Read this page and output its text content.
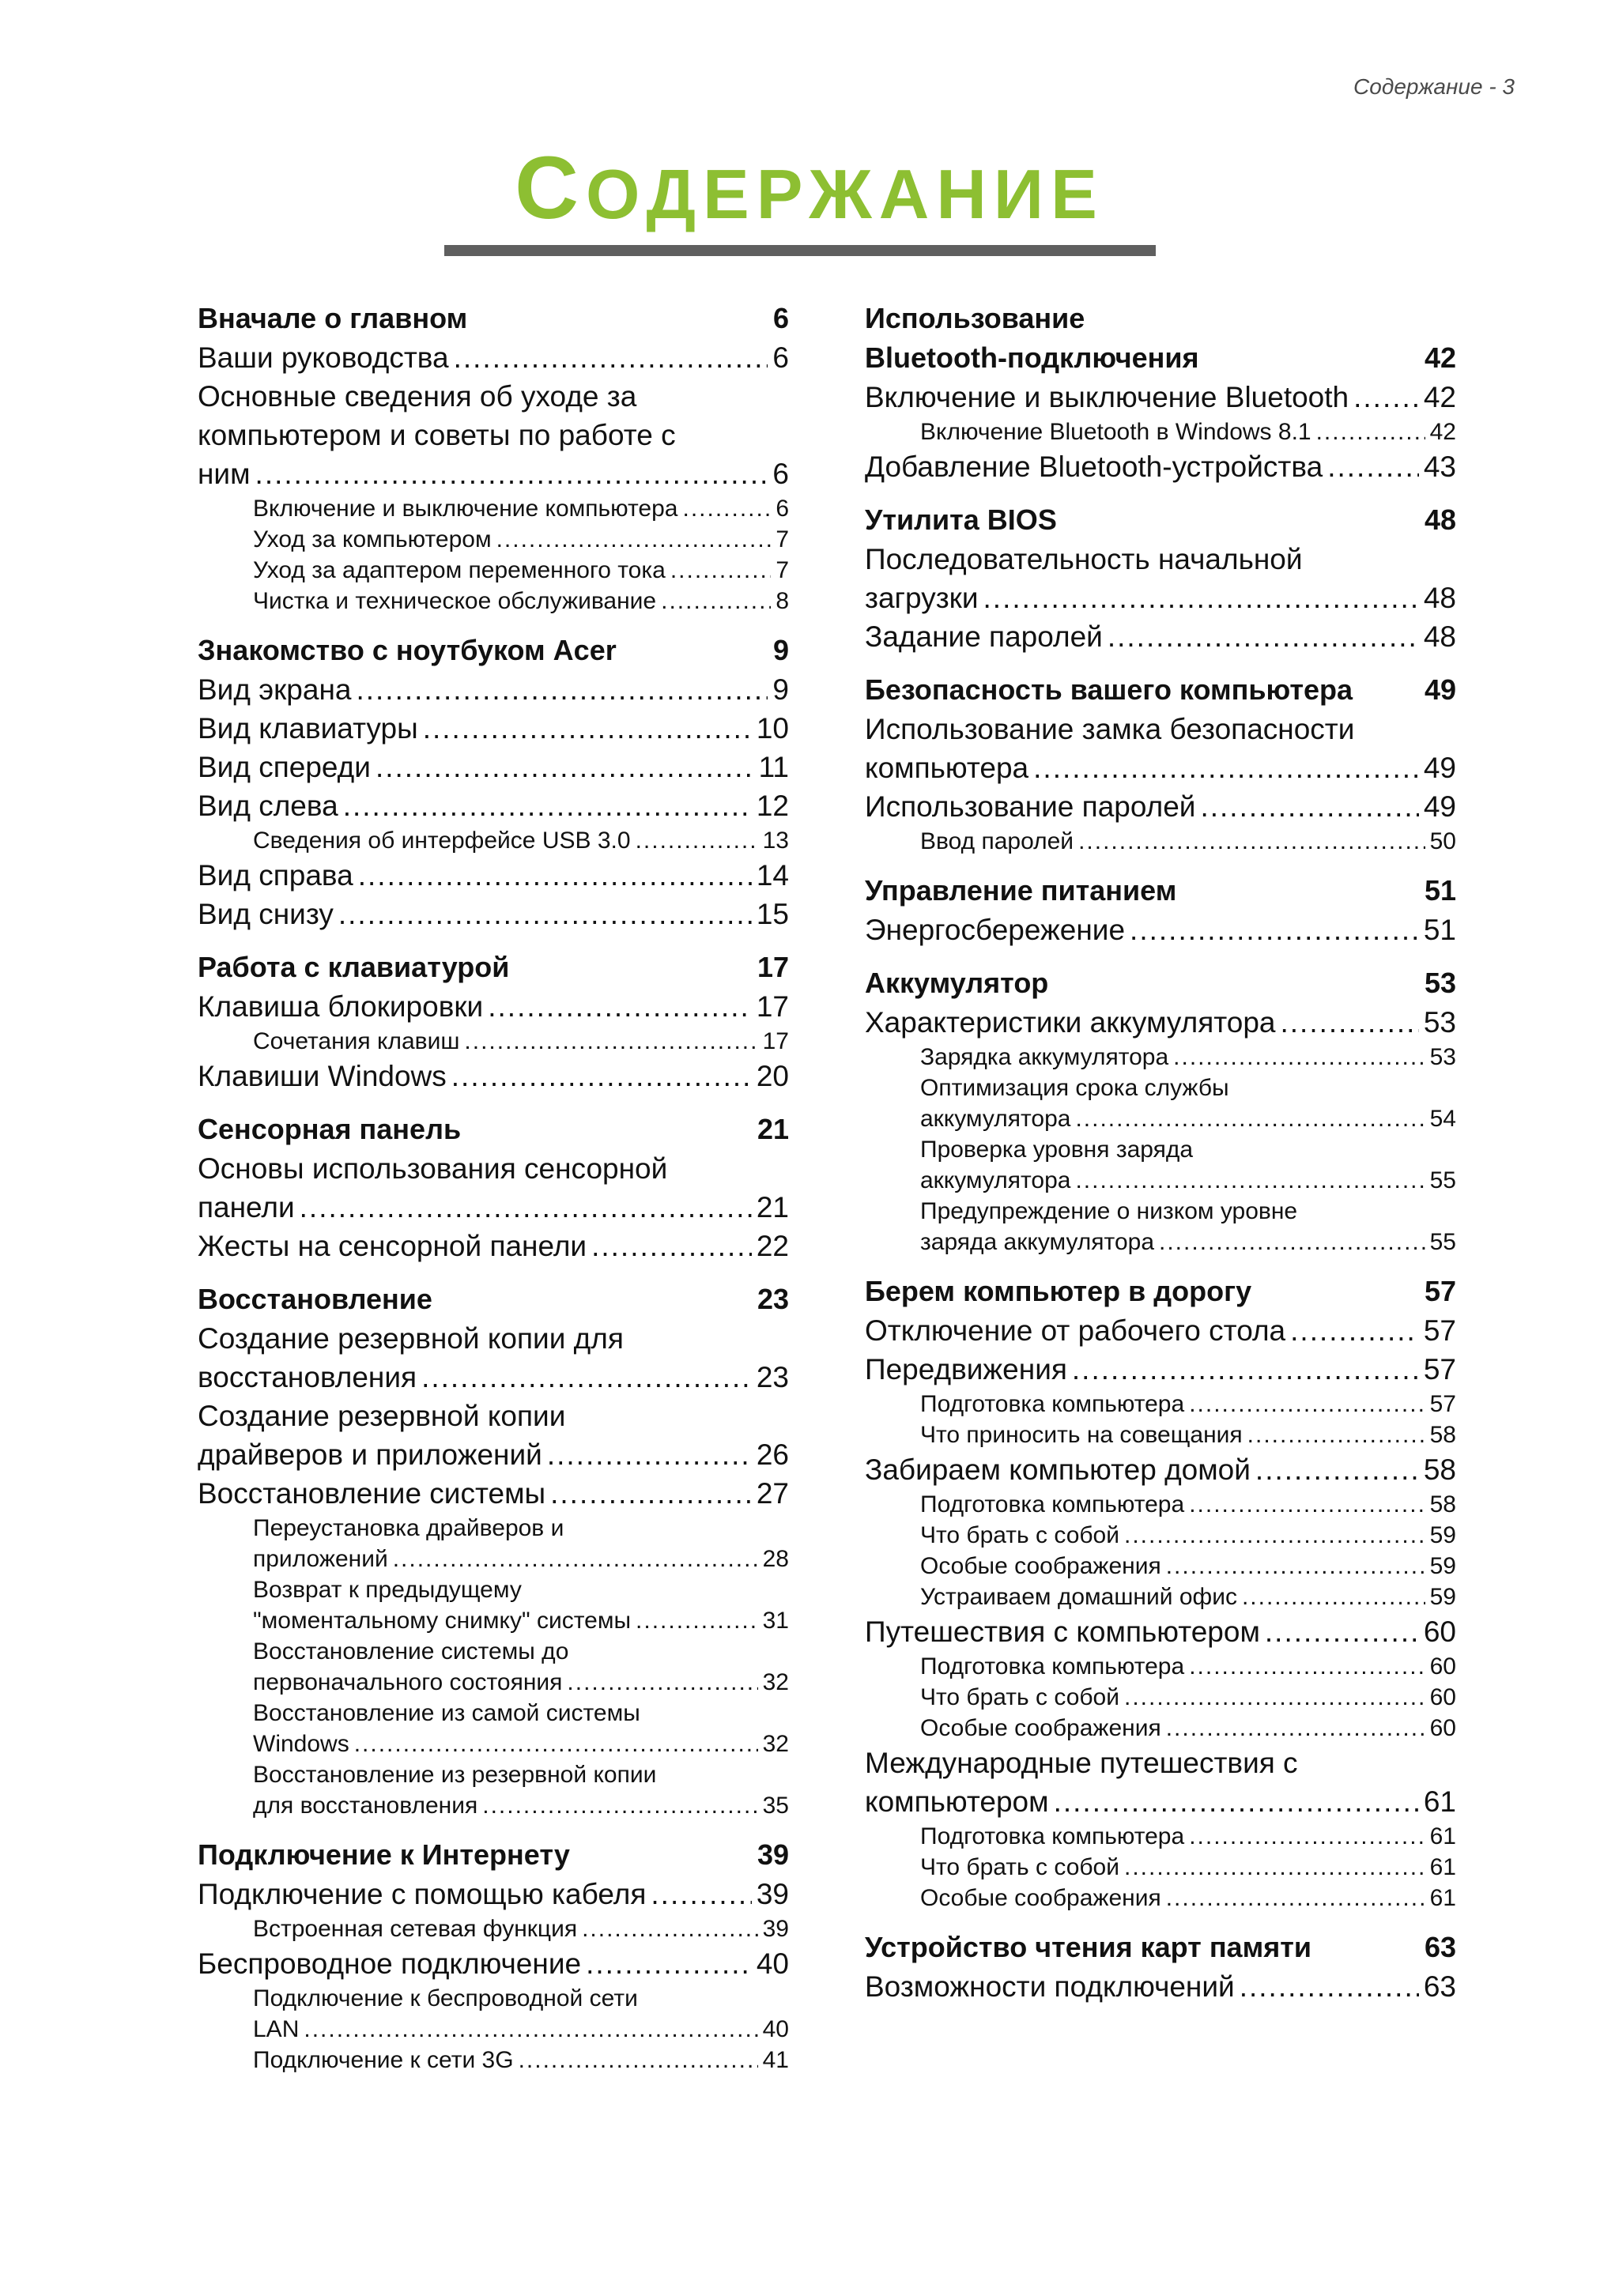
Содержание - 3
СОДЕРЖАНИЕ
Вначале о главном	6
Ваши руководства .....	6
Основные сведения об уходе за
компьютером и советы по работе с
ним .....	6
Включение и выключение компьютера .....	6
Уход за компьютером .....	7
Уход за адаптером переменного тока .....	7
Чистка и техническое обслуживание .....	8
Знакомство с ноутбуком Acer	9
Вид экрана .....	9
Вид клавиатуры .....	10
Вид спереди .....	11
Вид слева .....	12
Сведения об интерфейсе USB 3.0 .....	13
Вид справа .....	14
Вид снизу .....	15
Работа с клавиатурой	17
Клавиша блокировки .....	17
Сочетания клавиш .....	17
Клавиши Windows .....	20
Сенсорная панель	21
Основы использования сенсорной
панели .....	21
Жесты на сенсорной панели .....	22
Восстановление	23
Создание резервной копии для
восстановления .....	23
Создание резервной копии
драйверов и приложений .....	26
Восстановление системы .....	27
Переустановка драйверов и
приложений .....	28
Возврат к предыдущему
"моментальному снимку" системы .....	31
Восстановление системы до
первоначального состояния .....	32
Восстановление из самой системы
Windows .....	32
Восстановление из резервной копии
для восстановления .....	35
Подключение к Интернету	39
Подключение с помощью кабеля .....	39
Встроенная сетевая функция .....	39
Беспроводное подключение .....	40
Подключение к беспроводной сети
LAN .....	40
Подключение к сети 3G .....	41
Использование
Bluetooth-подключения	42
Включение и выключение Bluetooth .....	42
Включение Bluetooth в Windows 8.1 .....	42
Добавление Bluetooth-устройства .....	43
Утилита BIOS	48
Последовательность начальной
загрузки .....	48
Задание паролей .....	48
Безопасность вашего компьютера	49
Использование замка безопасности
компьютера .....	49
Использование паролей .....	49
Ввод паролей .....	50
Управление питанием	51
Энергосбережение .....	51
Аккумулятор	53
Характеристики аккумулятора .....	53
Зарядка аккумулятора .....	53
Оптимизация срока службы
аккумулятора .....	54
Проверка уровня заряда
аккумулятора .....	55
Предупреждение о низком уровне
заряда аккумулятора .....	55
Берем компьютер в дорогу	57
Отключение от рабочего стола .....	57
Передвижения .....	57
Подготовка компьютера .....	57
Что приносить на совещания .....	58
Забираем компьютер домой .....	58
Подготовка компьютера .....	58
Что брать с собой .....	59
Особые соображения .....	59
Устраиваем домашний офис .....	59
Путешествия с компьютером .....	60
Подготовка компьютера .....	60
Что брать с собой .....	60
Особые соображения .....	60
Международные путешествия с
компьютером .....	61
Подготовка компьютера .....	61
Что брать с собой .....	61
Особые соображения .....	61
Устройство чтения карт памяти	63
Возможности подключений .....	63
